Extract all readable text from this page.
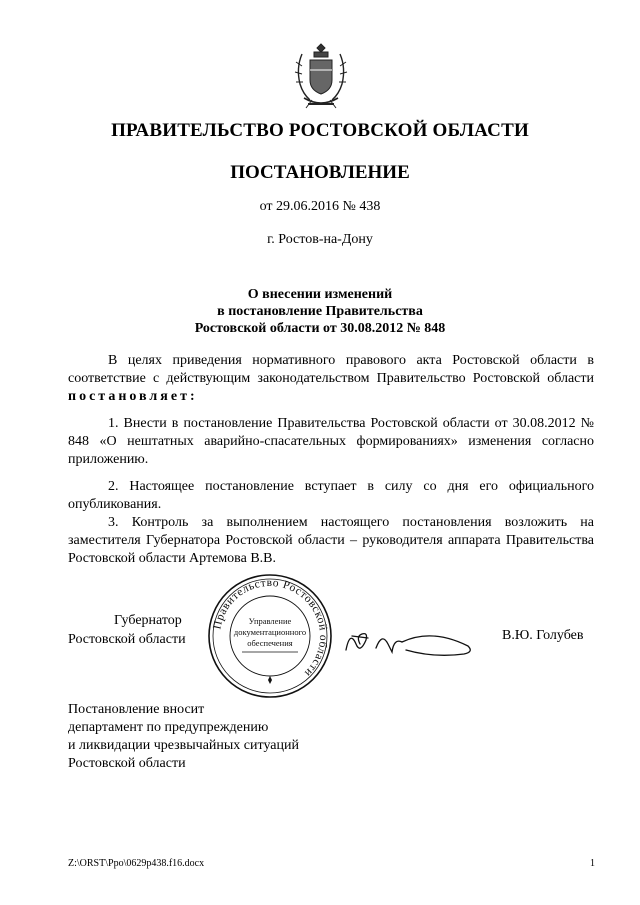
ПРАВИТЕЛЬСТВО РОСТОВСКОЙ ОБЛАСТИ
ПОСТАНОВЛЕНИЕ
от 29.06.2016 № 438
г. Ростов-на-Дону
О внесении изменений
в постановление Правительства
Ростовской области от 30.08.2012 № 848

В целях приведения нормативного правового акта Ростовской области в соответствие с действующим законодательством Правительство Ростовской области постановляет:

1. Внести в постановление Правительства Ростовской области от 30.08.2012 № 848 «О нештатных аварийно-спасательных формированиях» изменения согласно приложению.

2. Настоящее постановление вступает в силу со дня его официального опубликования.

3. Контроль за выполнением настоящего постановления возложить на заместителя Губернатора Ростовской области – руководителя аппарата Правительства Ростовской области Артемова В.В.

Губернатор
Ростовской области
Правительство Ростовской области
Управление
документационного
обеспечения	В.Ю. Голубев
Постановление вносит
департамент по предупреждению
и ликвидации чрезвычайных ситуаций
Ростовской области
Z:\ORST\Ppo\0629p438.f16.docx	1
